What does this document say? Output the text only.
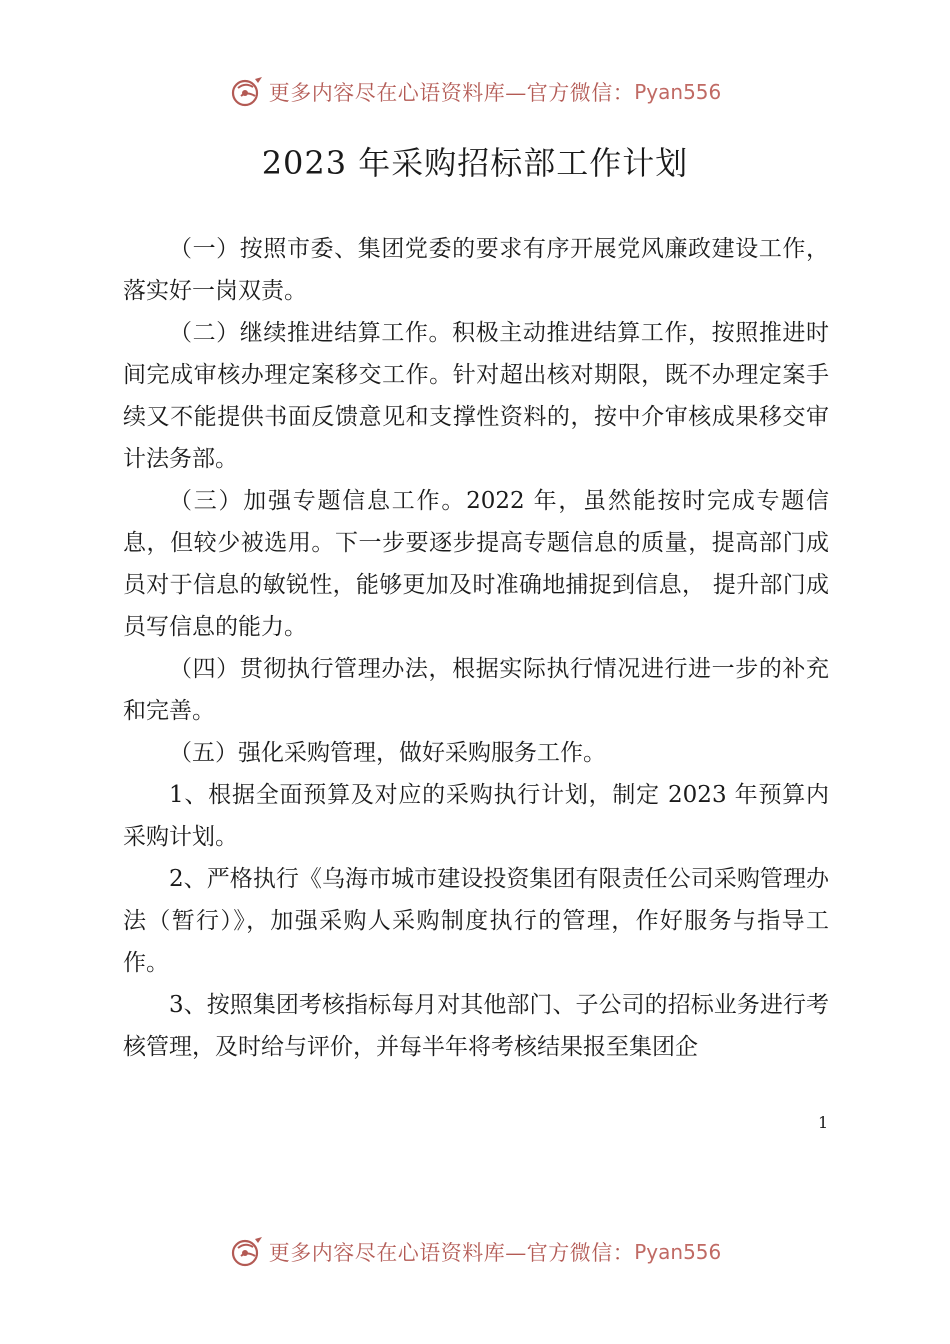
更多内容尽在心语资料库—官方微信： Pyan556
2023 年采购招标部工作计划

（一）按照市委、集团党委的要求有序开展党风廉政建设工作，落实好一岗双责。

（二）继续推进结算工作。积极主动推进结算工作，按照推进时间完成审核办理定案移交工作。针对超出核对期限，既不办理定案手续又不能提供书面反馈意见和支撑性资料的，按中介审核成果移交审计法务部。

（三）加强专题信息工作。2022 年，虽然能按时完成专题信息，但较少被选用。下一步要逐步提高专题信息的质量，提高部门成员对于信息的敏锐性，能够更加及时准确地捕捉到信息， 提升部门成员写信息的能力。

（四）贯彻执行管理办法，根据实际执行情况进行进一步的补充和完善。

（五）强化采购管理，做好采购服务工作。

1、根据全面预算及对应的采购执行计划，制定 2023 年预算内采购计划。

2、严格执行《乌海市城市建设投资集团有限责任公司采购管理办法（暂行）》，加强采购人采购制度执行的管理，作好服务与指导工作。

3、按照集团考核指标每月对其他部门、子公司的招标业务进行考核管理，及时给与评价，并每半年将考核结果报至集团企

1
更多内容尽在心语资料库—官方微信： Pyan556
